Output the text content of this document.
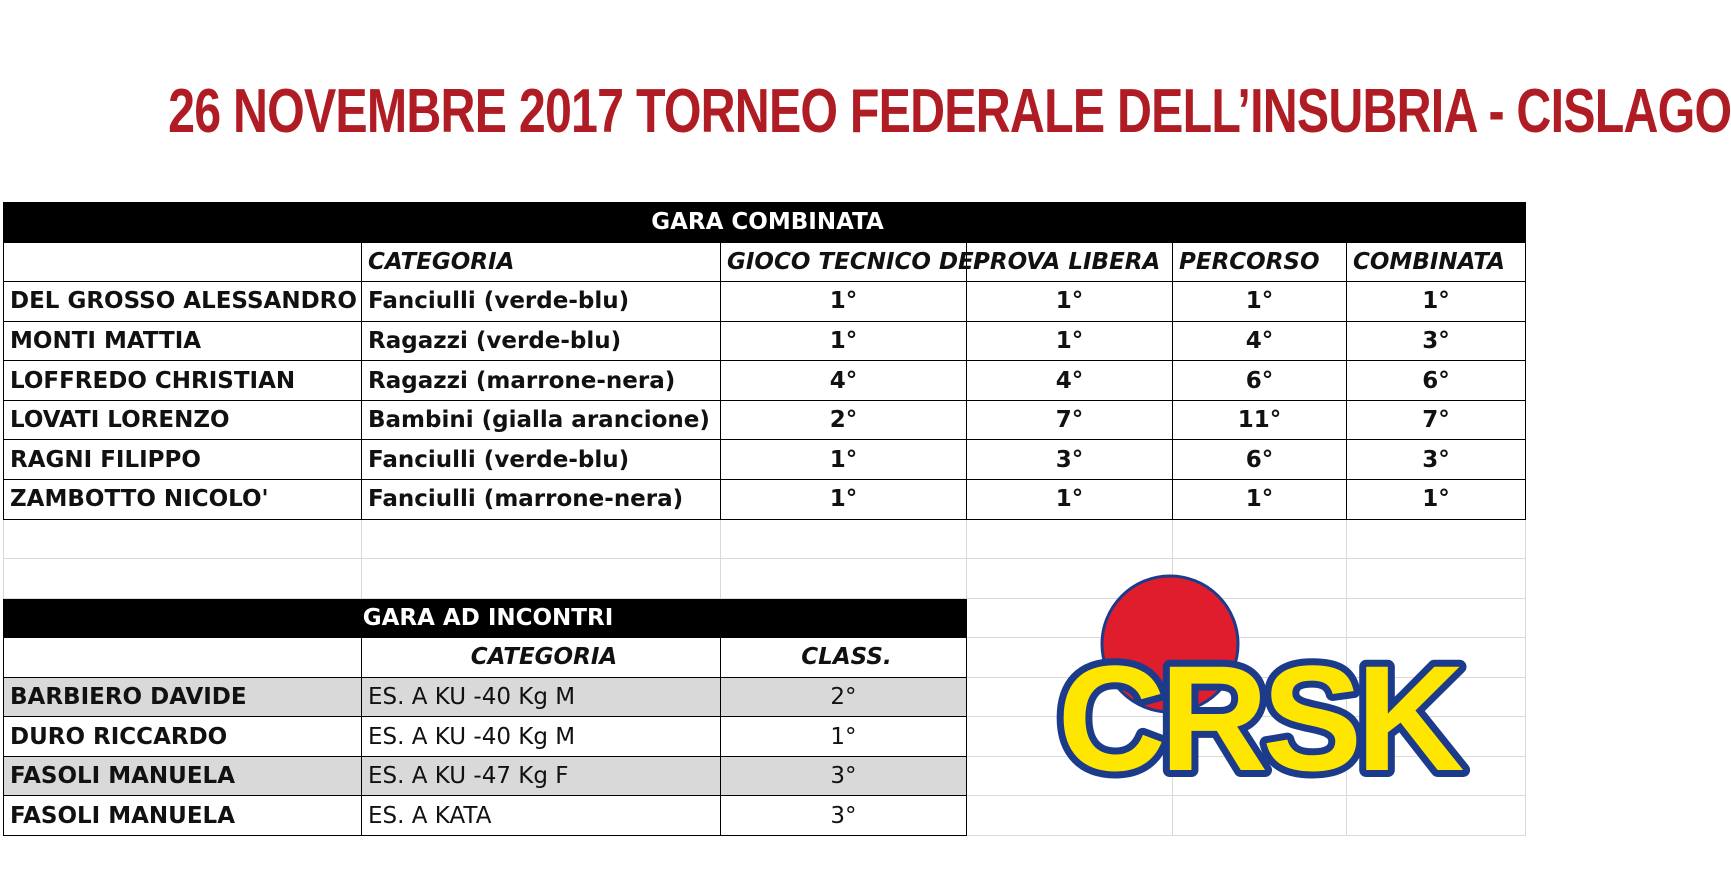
26 NOVEMBRE 2017 TORNEO FEDERALE DELL’INSUBRIA - CISLAGO
GARA COMBINATA					
	CATEGORIA	GIOCO TECNICO DEI	PROVA LIBERA	PERCORSO	COMBINATA
DEL GROSSO ALESSANDRO	Fanciulli (verde-blu)	1°	1°	1°	1°
MONTI MATTIA	Ragazzi (verde-blu)	1°	1°	4°	3°
LOFFREDO CHRISTIAN	Ragazzi (marrone-nera)	4°	4°	6°	6°
LOVATI LORENZO	Bambini (gialla arancione)	2°	7°	11°	7°
RAGNI FILIPPO	Fanciulli (verde-blu)	1°	3°	6°	3°
ZAMBOTTO NICOLO'	Fanciulli (marrone-nera)	1°	1°	1°	1°

GARA AD INCONTRI					
	CATEGORIA	CLASS.			
BARBIERO DAVIDE	ES. A KU -40 Kg M	2°			
DURO RICCARDO	ES. A KU -40 Kg M	1°			
FASOLI MANUELA	ES. A KU -47 Kg F	3°			
FASOLI MANUELA	ES. A KATA	3°			
CRSK
